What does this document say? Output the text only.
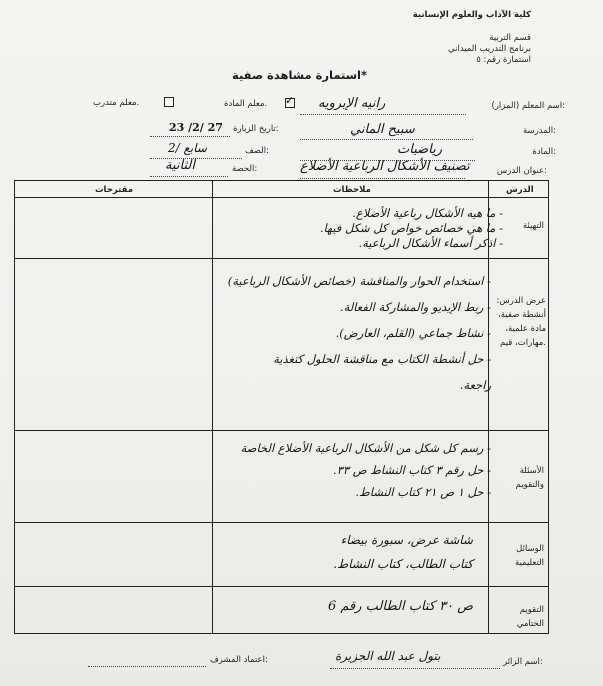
كلية الآداب والعلوم الإنسانية
قسم التربية
برنامج التدريب الميداني
استمارة رقم: ٥
استمارة مشاهدة صفية*
معلم متدرب.	معلم المادة. ✓	اسم المعلم (المزار):
رانيه الإبرويه
المدرسة:
سبيح الماني
تاريخ الزيارة:
23 /2/ 27
المادة:
رياضيات
الصف:
سابع /2
عنوان الدرس:
تصنيف الأشكال الرباعية الأضلاع
الحصة:
الثانية
الدرس
ملاحظات
مقترحات
التهيئة
- ما هيه الأشكال رباعية الأضلاع.
- ما هي خصائص خواص كل شكل فيها.
- اذكر أسماء الأشكال الرباعية.
عرض الدرس: أنشطة صفية، مادة علمية، مهارات، قيم.
- استخدام الحوار والمناقشة (خصائص الأشكال الرباعية)
- ربط الإيديو والمشاركة الفعالة.
- نشاط جماعي (القلم، العارض).
- حل أنشطة الكتاب مع مناقشة الحلول كتغذية
راجعة.
الأسئلة والتقويم
- رسم كل شكل من الأشكال الرباعية الأضلاع الخاصة
- حل رقم ٣ كتاب النشاط ص ٣٣.
- حل ١ ص ٢١ كتاب النشاط.
الوسائل التعليمية
شاشة عرض، سبورة بيضاء
كتاب الطالب، كتاب النشاط.
التقويم الختامي
ص ٣٠ كتاب الطالب رقم 6
اسم الزائر:
بتول عبد الله الجزيرة
اعتماد المشرف:
